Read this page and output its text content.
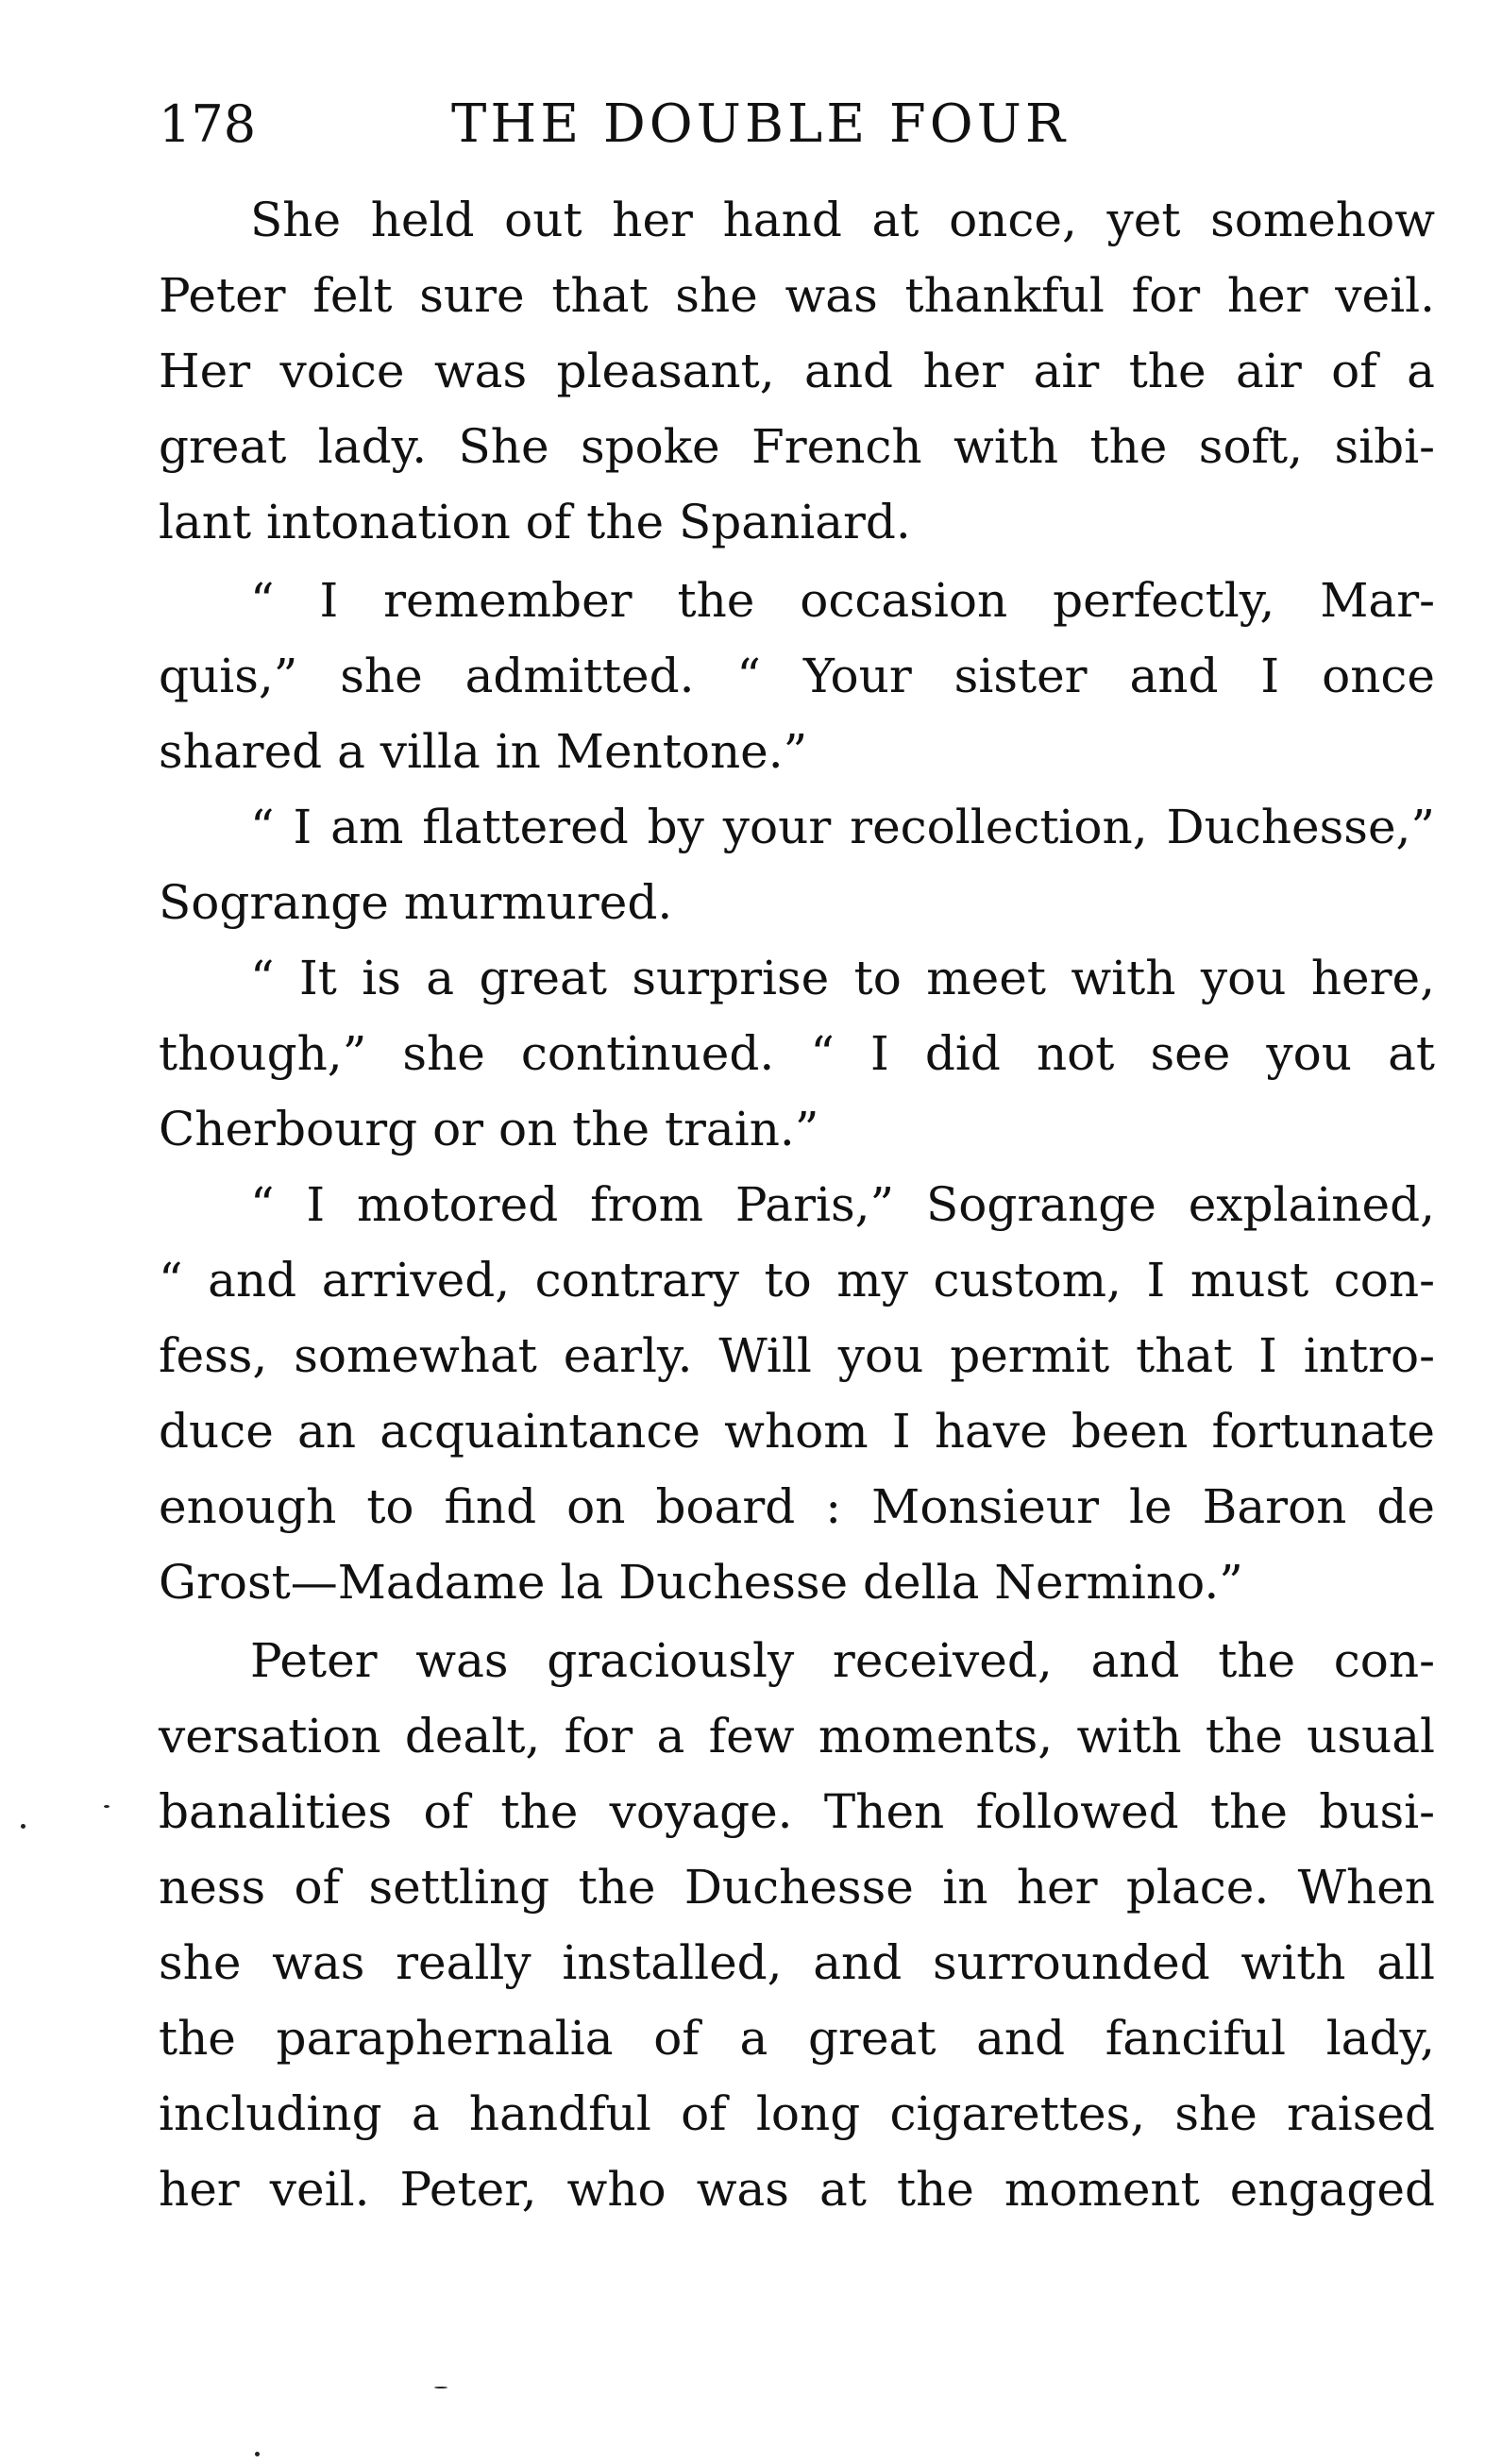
178	THE DOUBLE FOUR
She held out her hand at once, yet somehow
Peter felt sure that she was thankful for her veil.
Her voice was pleasant, and her air the air of a
great lady. She spoke French with the soft, sibi-
lant intonation of the Spaniard.
“ I remember the occasion perfectly, Mar-
quis,” she admitted. “ Your sister and I once
shared a villa in Mentone.”
“ I am flattered by your recollection, Duchesse,”
Sogrange murmured.
“ It is a great surprise to meet with you here,
though,” she continued. “ I did not see you at
Cherbourg or on the train.”
“ I motored from Paris,” Sogrange explained,
“ and arrived, contrary to my custom, I must con-
fess, somewhat early. Will you permit that I intro-
duce an acquaintance whom I have been fortunate
enough to find on board : Monsieur le Baron de
Grost—Madame la Duchesse della Nermino.”
Peter was graciously received, and the con-
versation dealt, for a few moments, with the usual
banalities of the voyage. Then followed the busi-
ness of settling the Duchesse in her place. When
she was really installed, and surrounded with all
the paraphernalia of a great and fanciful lady,
including a handful of long cigarettes, she raised
her veil. Peter, who was at the moment engaged
